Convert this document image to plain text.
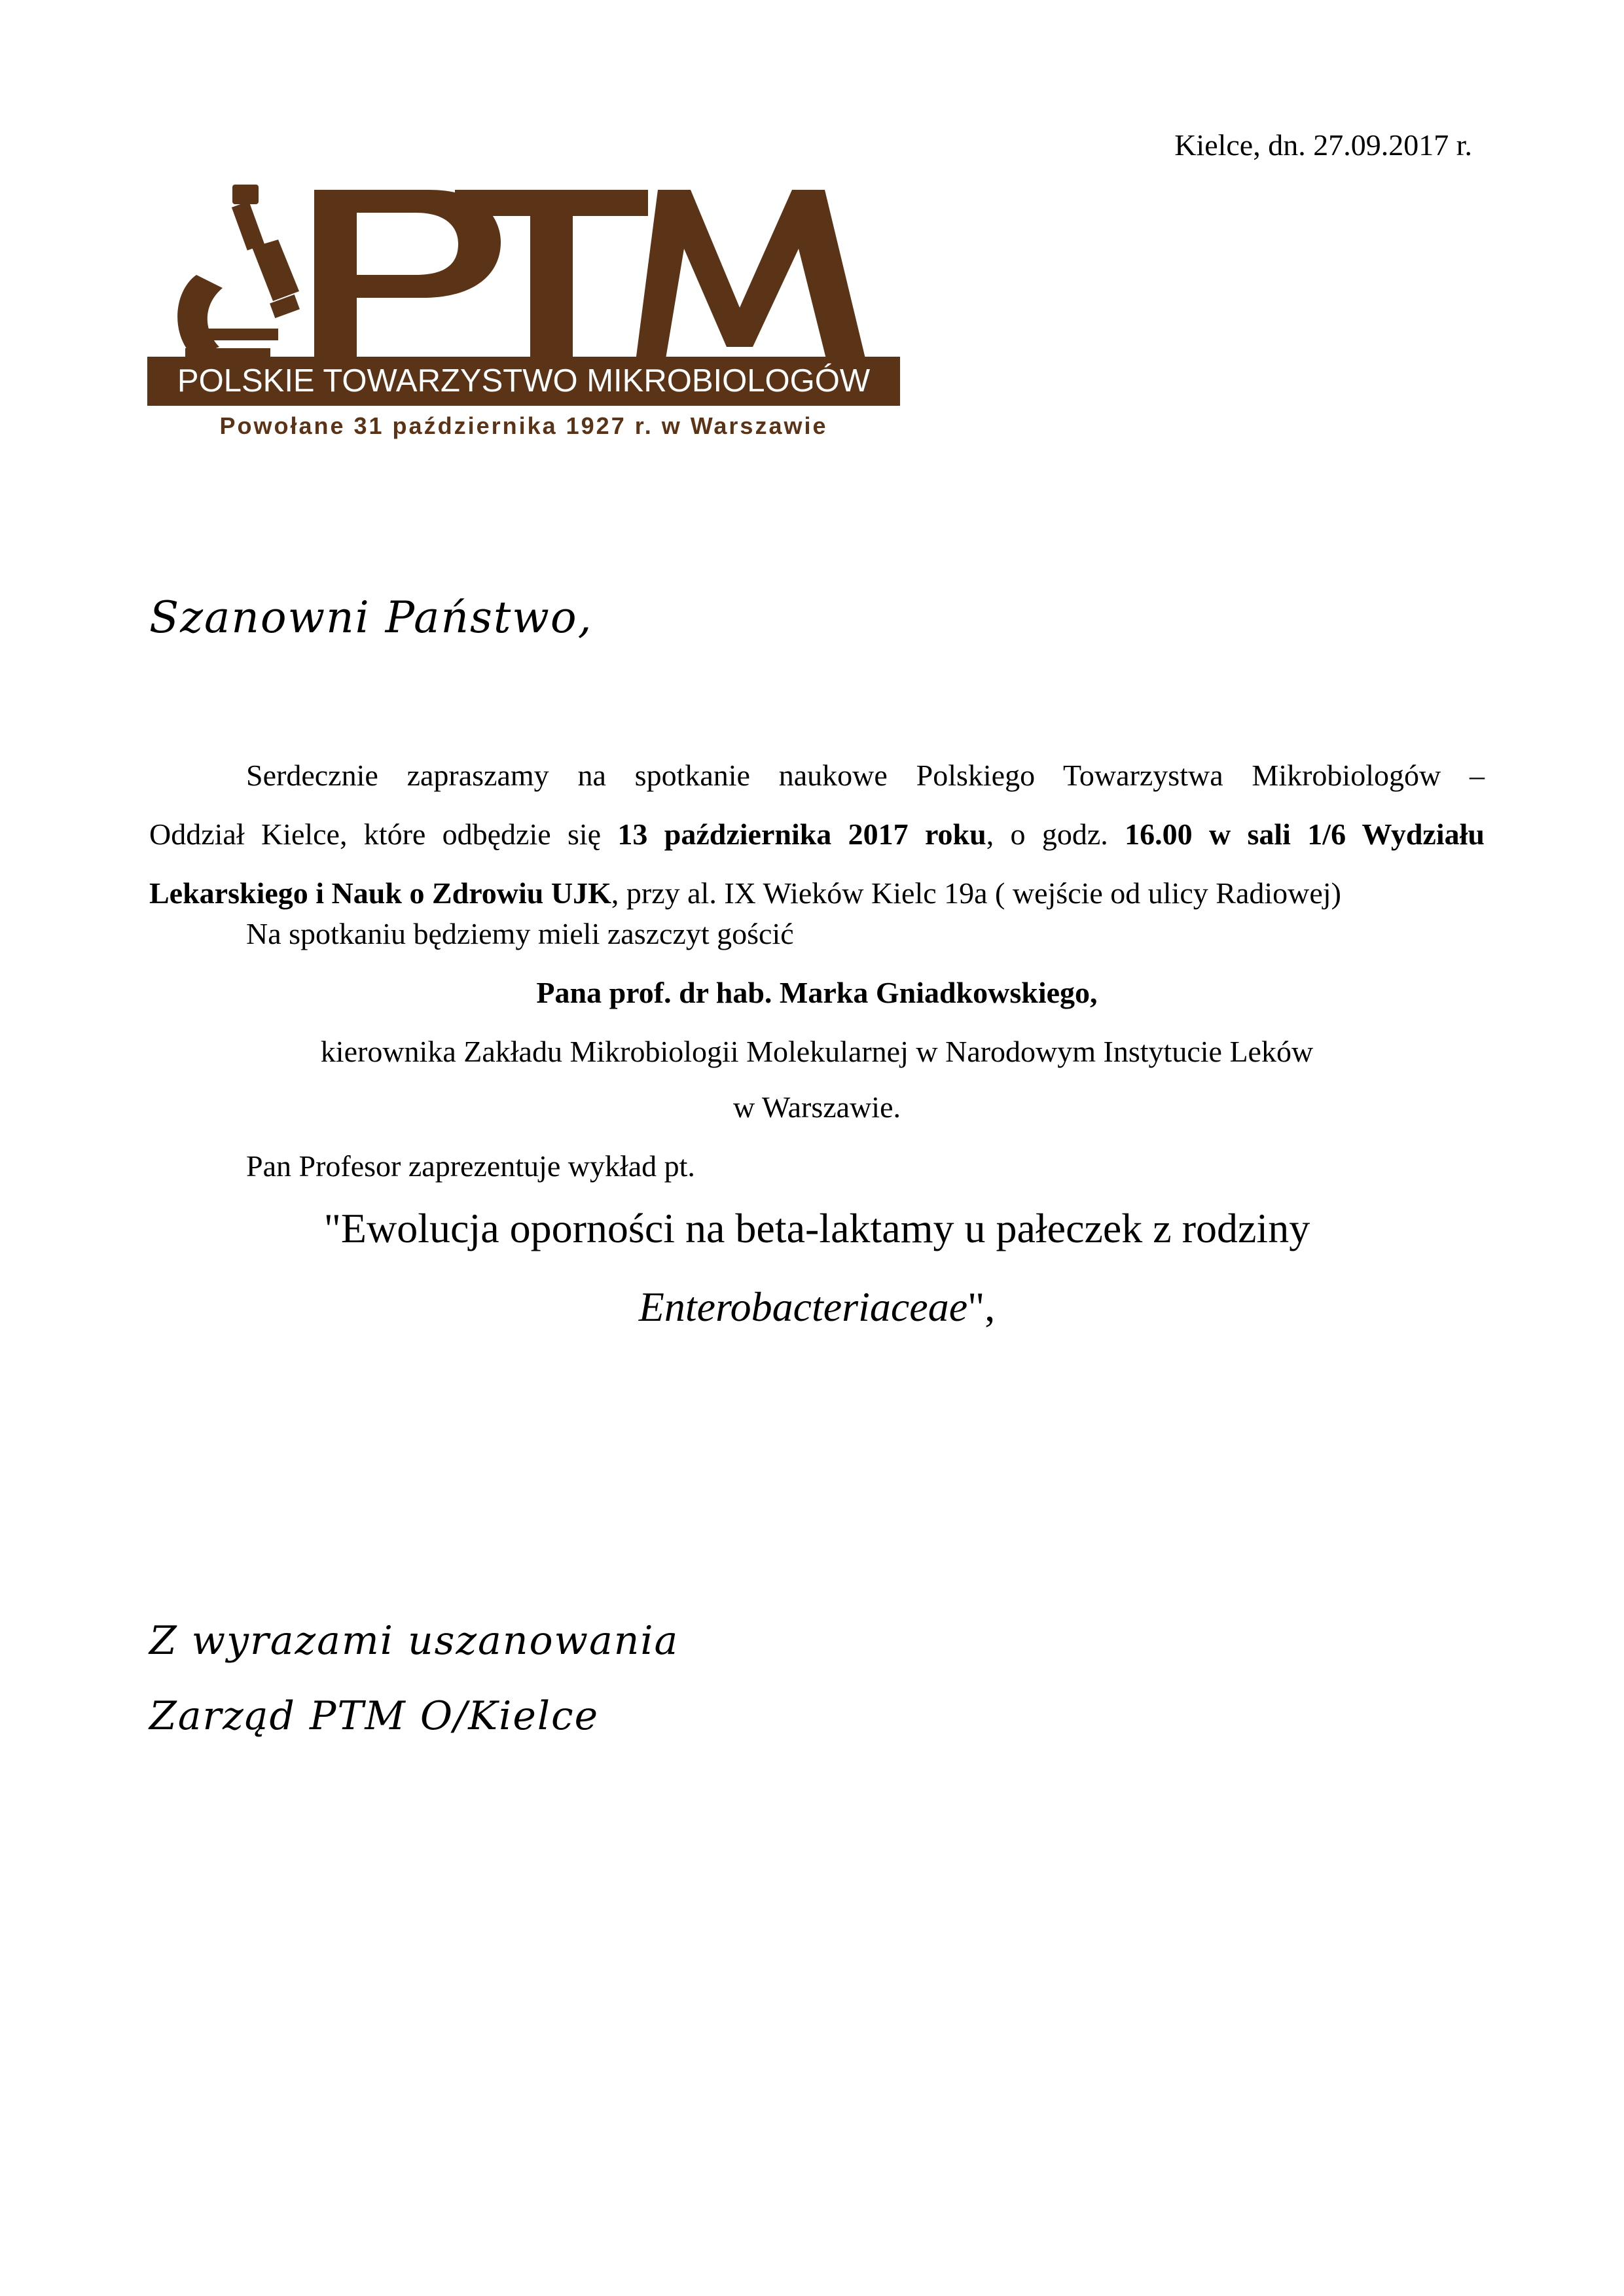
Kielce, dn. 27.09.2017 r.
POLSKIE TOWARZYSTWO MIKROBIOLOGÓW
Powołane 31 października 1927 r. w Warszawie
Szanowni Państwo,
Serdecznie zapraszamy na spotkanie naukowe Polskiego Towarzystwa Mikrobiologów –
Oddział Kielce, które odbędzie się 13 października 2017 roku, o godz. 16.00 w sali 1/6 Wydziału
Lekarskiego i Nauk o Zdrowiu UJK, przy al. IX Wieków Kielc 19a ( wejście od ulicy Radiowej)
Na spotkaniu będziemy mieli zaszczyt gościć
Pana prof. dr hab. Marka Gniadkowskiego,
kierownika Zakładu Mikrobiologii Molekularnej w Narodowym Instytucie Leków
w Warszawie.
Pan Profesor zaprezentuje wykład pt.
"Ewolucja oporności na beta-laktamy u pałeczek z rodziny
Enterobacteriaceae",
Z wyrazami uszanowania
Zarząd PTM O/Kielce
